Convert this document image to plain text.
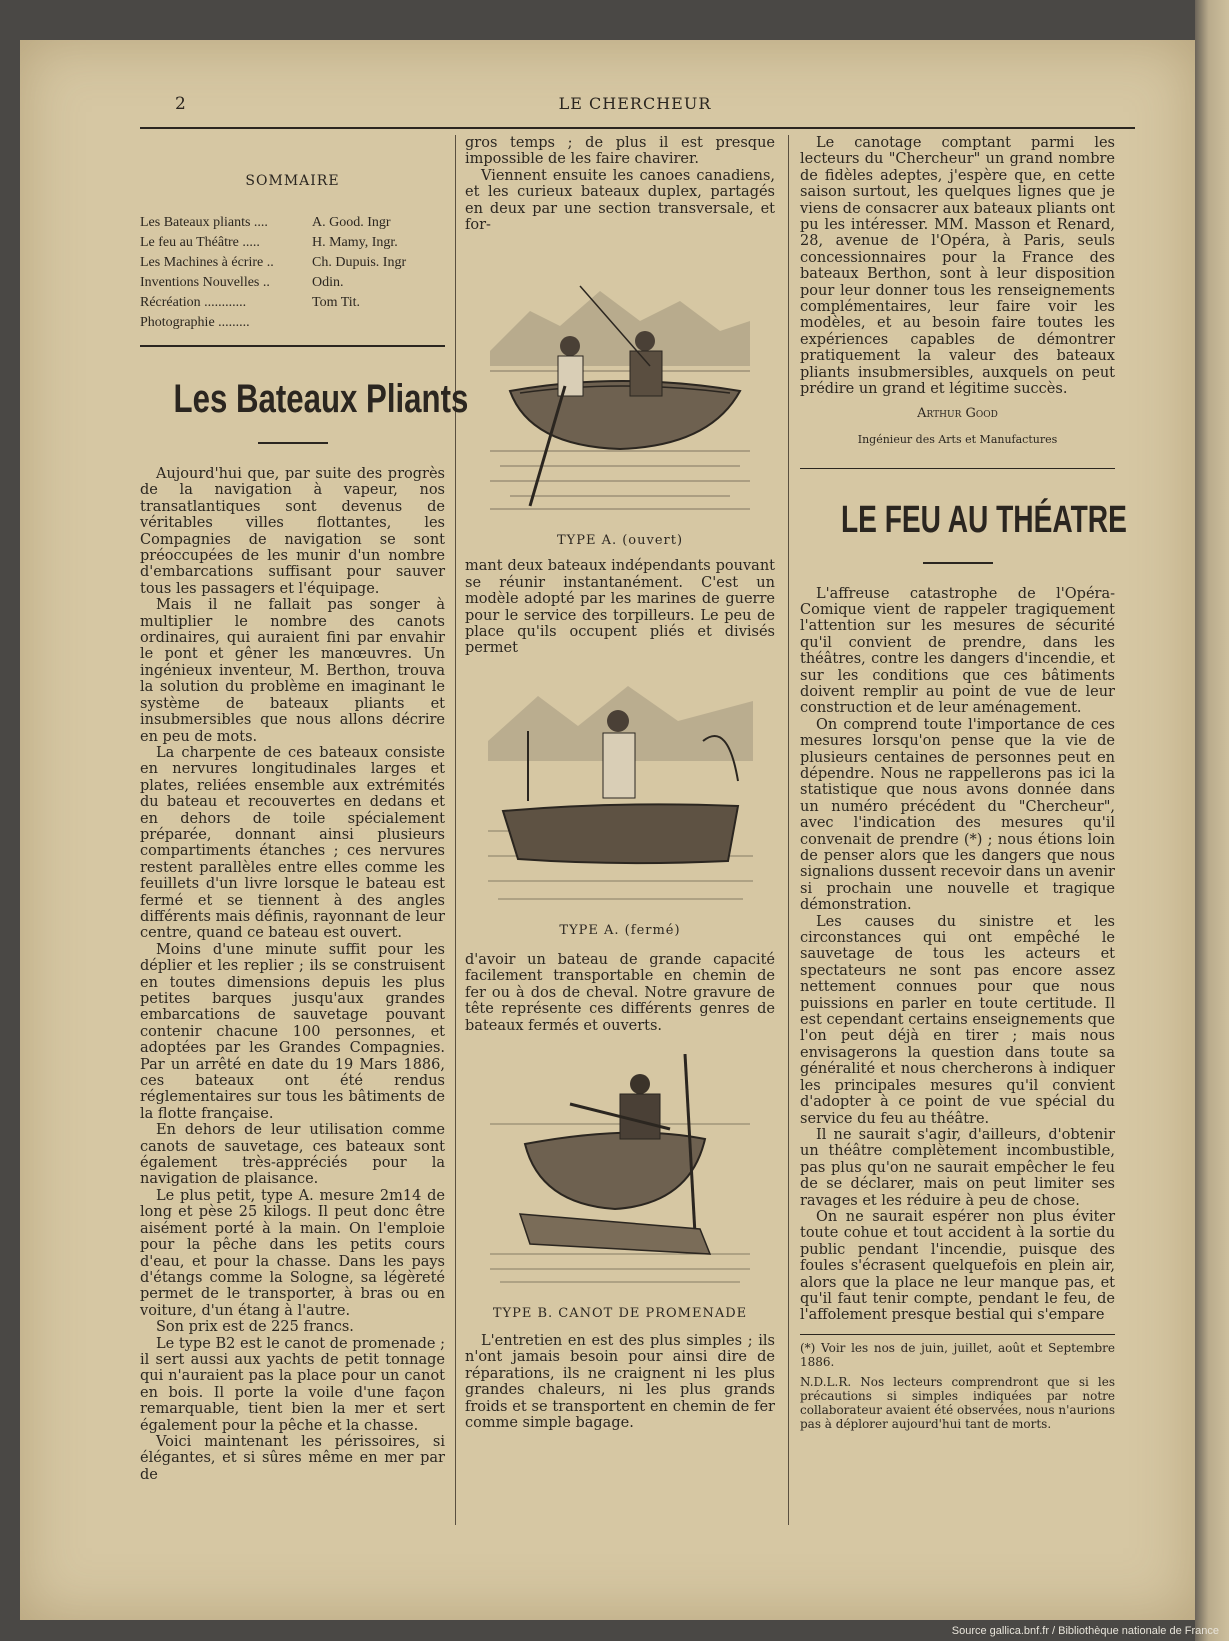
2	LE CHERCHEUR
SOMMAIRE
Les Bateaux pliants ....	A. Good. Ingr
Le feu au Théâtre .....	H. Mamy, Ingr.
Les Machines à écrire ..	Ch. Dupuis. Ingr
Inventions Nouvelles ..	Odin.
Récréation ............	Tom Tit.
Photographie .........
Les Bateaux Pliants

Aujourd'hui que, par suite des progrès de la navigation à vapeur, nos transatlantiques sont devenus de véritables villes flottantes, les Compagnies de navigation se sont préoccupées de les munir d'un nombre d'embarcations suffisant pour sauver tous les passagers et l'équipage.

Mais il ne fallait pas songer à multiplier le nombre des canots ordinaires, qui auraient fini par envahir le pont et gêner les manœuvres. Un ingénieux inventeur, M. Berthon, trouva la solution du problème en imaginant le système de bateaux pliants et insubmersibles que nous allons décrire en peu de mots.

La charpente de ces bateaux consiste en nervures longitudinales larges et plates, reliées ensemble aux extrémités du bateau et recouvertes en dedans et en dehors de toile spécialement préparée, donnant ainsi plusieurs compartiments étanches ; ces nervures restent parallèles entre elles comme les feuillets d'un livre lorsque le bateau est fermé et se tiennent à des angles différents mais définis, rayonnant de leur centre, quand ce bateau est ouvert.

Moins d'une minute suffit pour les déplier et les replier ; ils se construisent en toutes dimensions depuis les plus petites barques jusqu'aux grandes embarcations de sauvetage pouvant contenir chacune 100 personnes, et adoptées par les Grandes Compagnies. Par un arrêté en date du 19 Mars 1886, ces bateaux ont été rendus réglementaires sur tous les bâtiments de la flotte française.

En dehors de leur utilisation comme canots de sauvetage, ces bateaux sont également très-appréciés pour la navigation de plaisance.

Le plus petit, type A. mesure 2m14 de long et pèse 25 kilogs. Il peut donc être aisément porté à la main. On l'emploie pour la pêche dans les petits cours d'eau, et pour la chasse. Dans les pays d'étangs comme la Sologne, sa légèreté permet de le transporter, à bras ou en voiture, d'un étang à l'autre.

Son prix est de 225 francs.

Le type B2 est le canot de promenade ; il sert aussi aux yachts de petit tonnage qui n'auraient pas la place pour un canot en bois. Il porte la voile d'une façon remarquable, tient bien la mer et sert également pour la pêche et la chasse.

Voici maintenant les périssoires, si élégantes, et si sûres même en mer par de

gros temps ; de plus il est presque impossible de les faire chavirer.

Viennent ensuite les canoes canadiens, et les curieux bateaux duplex, partagés en deux par une section transversale, et for-

TYPE A. (ouvert)

mant deux bateaux indépendants pouvant se réunir instantanément. C'est un modèle adopté par les marines de guerre pour le service des torpilleurs. Le peu de place qu'ils occupent pliés et divisés permet

TYPE A. (fermé)

d'avoir un bateau de grande capacité facilement transportable en chemin de fer ou à dos de cheval. Notre gravure de tête représente ces différents genres de bateaux fermés et ouverts.

TYPE B. CANOT DE PROMENADE

L'entretien en est des plus simples ; ils n'ont jamais besoin pour ainsi dire de réparations, ils ne craignent ni les plus grandes chaleurs, ni les plus grands froids et se transportent en chemin de fer comme simple bagage.

Le canotage comptant parmi les lecteurs du "Chercheur" un grand nombre de fidèles adeptes, j'espère que, en cette saison surtout, les quelques lignes que je viens de consacrer aux bateaux pliants ont pu les intéresser. MM. Masson et Renard, 28, avenue de l'Opéra, à Paris, seuls concessionnaires pour la France des bateaux Berthon, sont à leur disposition pour leur donner tous les renseignements complémentaires, leur faire voir les modèles, et au besoin faire toutes les expériences capables de démontrer pratiquement la valeur des bateaux pliants insubmersibles, auxquels on peut prédire un grand et légitime succès.

Arthur Good
Ingénieur des Arts et Manufactures
LE FEU AU THÉATRE

L'affreuse catastrophe de l'Opéra-Comique vient de rappeler tragiquement l'attention sur les mesures de sécurité qu'il convient de prendre, dans les théâtres, contre les dangers d'incendie, et sur les conditions que ces bâtiments doivent remplir au point de vue de leur construction et de leur aménagement.

On comprend toute l'importance de ces mesures lorsqu'on pense que la vie de plusieurs centaines de personnes peut en dépendre. Nous ne rappellerons pas ici la statistique que nous avons donnée dans un numéro précédent du "Chercheur", avec l'indication des mesures qu'il convenait de prendre (*) ; nous étions loin de penser alors que les dangers que nous signalions dussent recevoir dans un avenir si prochain une nouvelle et tragique démonstration.

Les causes du sinistre et les circonstances qui ont empêché le sauvetage de tous les acteurs et spectateurs ne sont pas encore assez nettement connues pour que nous puissions en parler en toute certitude. Il est cependant certains enseignements que l'on peut déjà en tirer ; mais nous envisagerons la question dans toute sa généralité et nous chercherons à indiquer les principales mesures qu'il convient d'adopter à ce point de vue spécial du service du feu au théâtre.

Il ne saurait s'agir, d'ailleurs, d'obtenir un théâtre complètement incombustible, pas plus qu'on ne saurait empêcher le feu de se déclarer, mais on peut limiter ses ravages et les réduire à peu de chose.

On ne saurait espérer non plus éviter toute cohue et tout accident à la sortie du public pendant l'incendie, puisque des foules s'écrasent quelquefois en plein air, alors que la place ne leur manque pas, et qu'il faut tenir compte, pendant le feu, de l'affolement presque bestial qui s'empare

(*) Voir les nos de juin, juillet, août et Septembre 1886.

N.D.L.R. Nos lecteurs comprendront que si les précautions si simples indiquées par notre collaborateur avaient été observées, nous n'aurions pas à déplorer aujourd'hui tant de morts.

Source gallica.bnf.fr / Bibliothèque nationale de France
